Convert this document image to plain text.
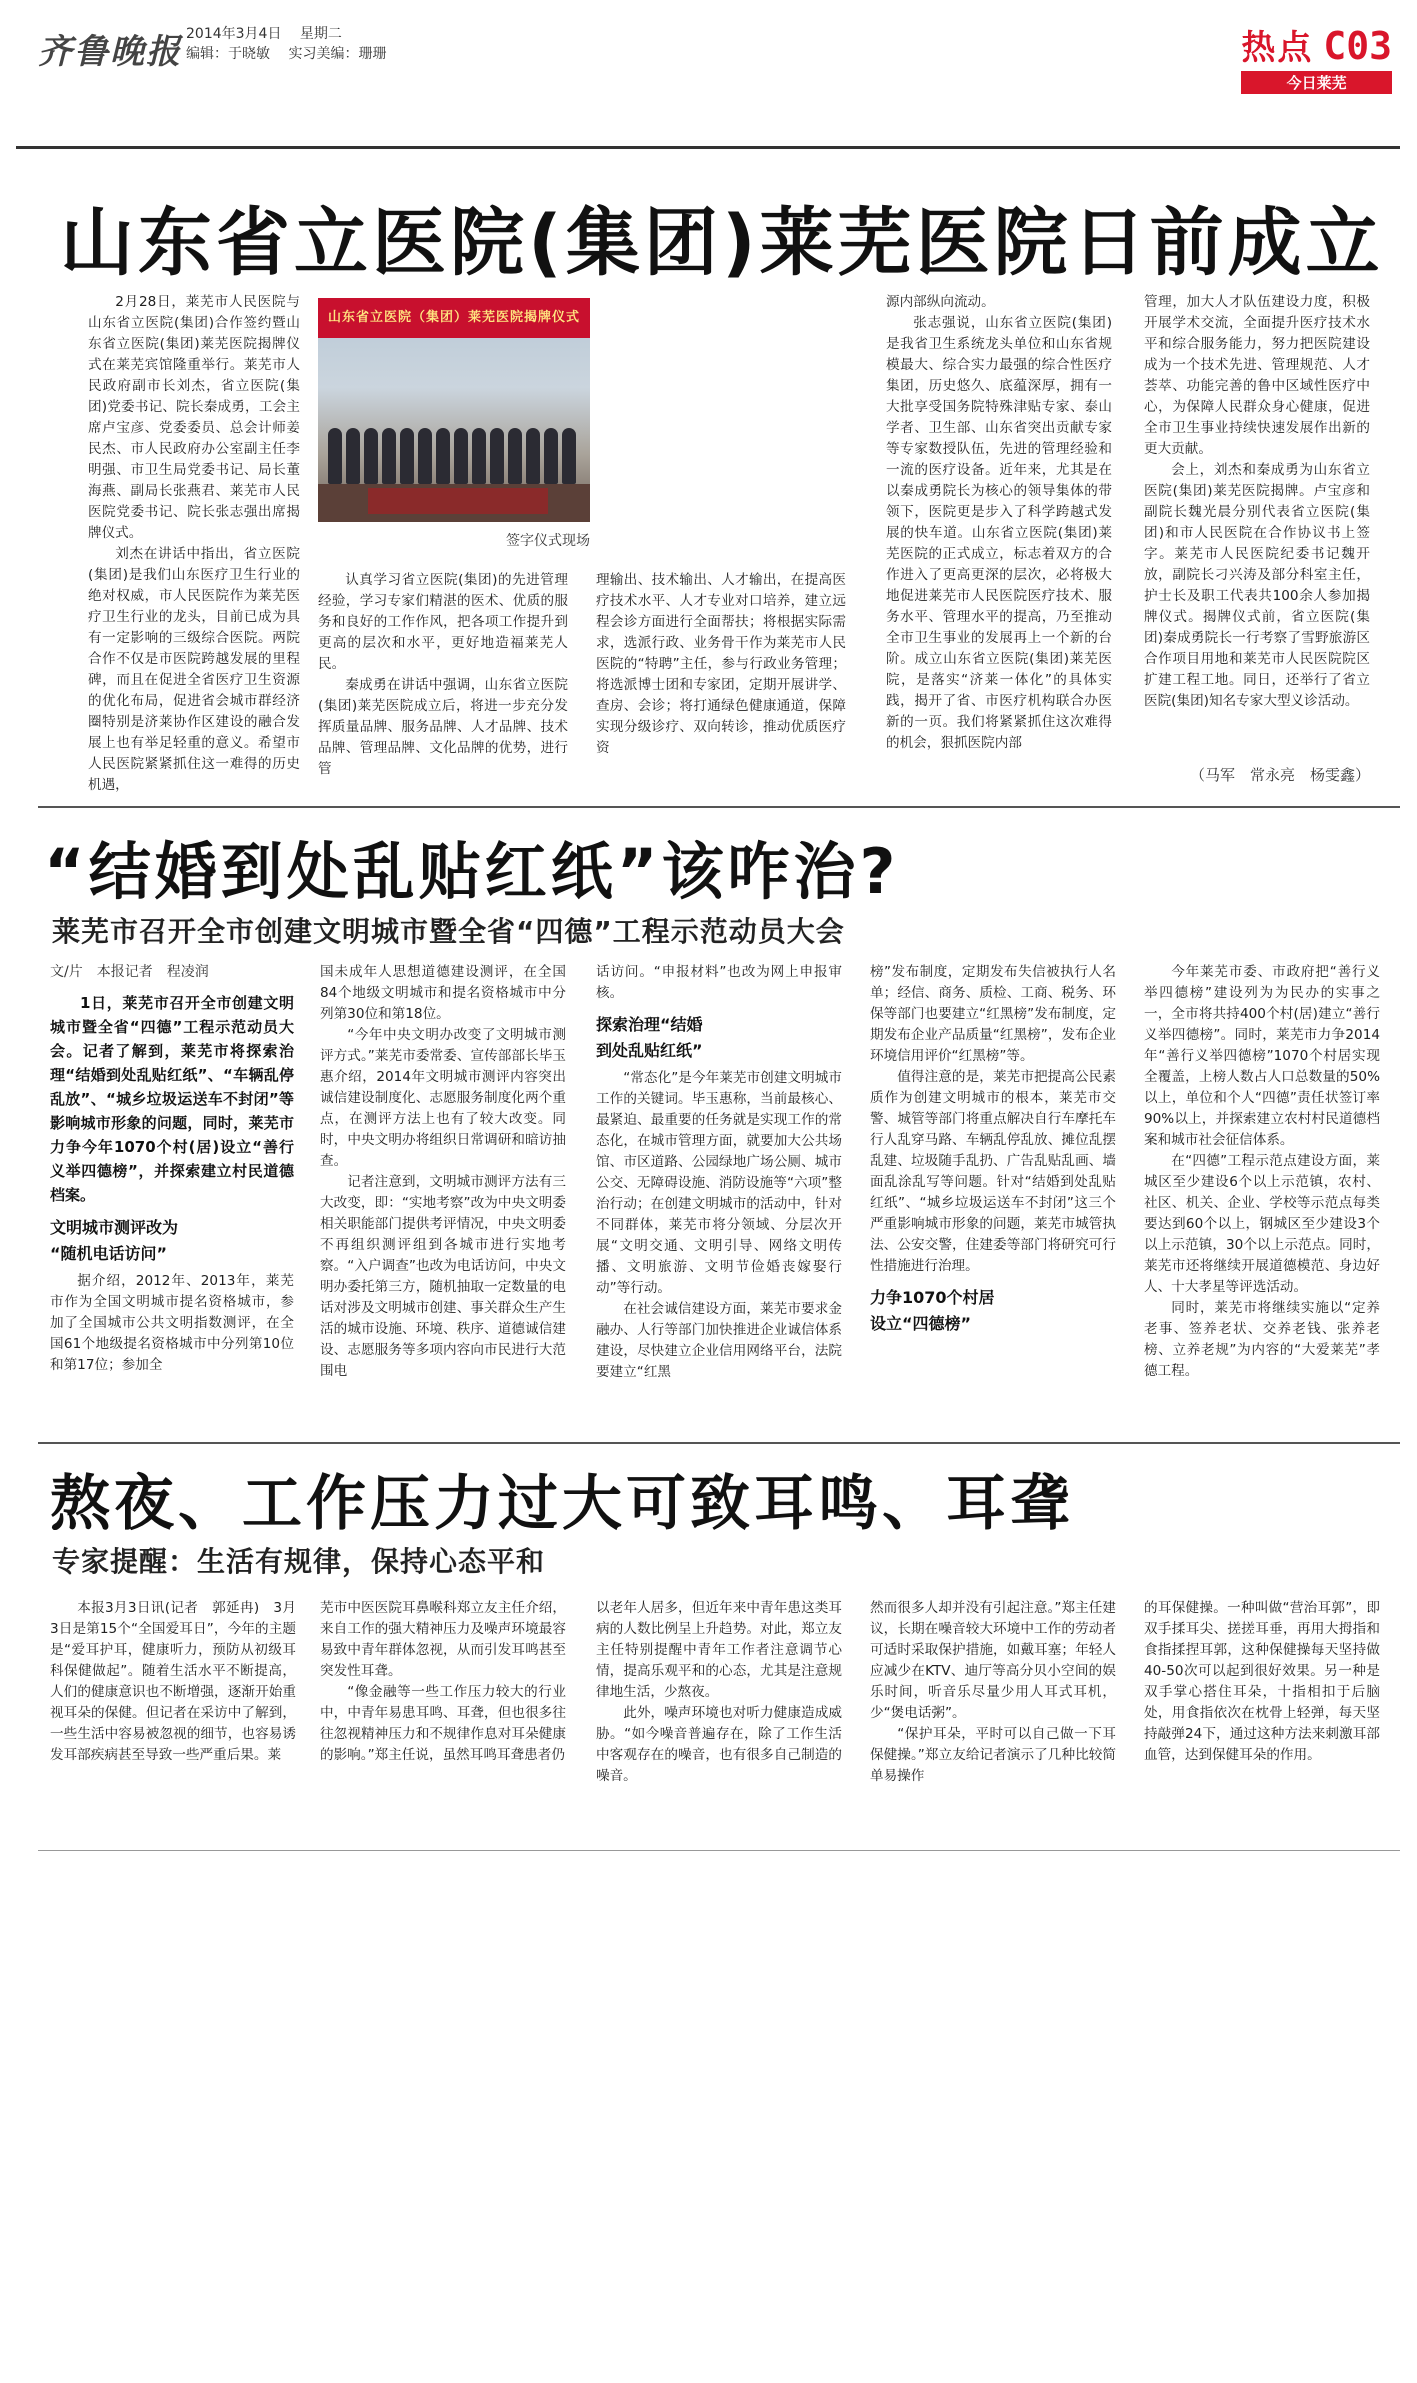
齐鲁晚报 2014年3月4日 星期二
编辑：于晓敏 实习美编：珊珊	热点 C03
今日莱芜
山东省立医院(集团)莱芜医院日前成立

2月28日，莱芜市人民医院与山东省立医院(集团)合作签约暨山东省立医院(集团)莱芜医院揭牌仪式在莱芜宾馆隆重举行。莱芜市人民政府副市长刘杰，省立医院(集团)党委书记、院长秦成勇，工会主席卢宝彦、党委委员、总会计师姜民杰、市人民政府办公室副主任李明强、市卫生局党委书记、局长董海燕、副局长张燕君、莱芜市人民医院党委书记、院长张志强出席揭牌仪式。

刘杰在讲话中指出，省立医院(集团)是我们山东医疗卫生行业的绝对权威，市人民医院作为莱芜医疗卫生行业的龙头，目前已成为具有一定影响的三级综合医院。两院合作不仅是市医院跨越发展的里程碑，而且在促进全省医疗卫生资源的优化布局，促进省会城市群经济圈特别是济莱协作区建设的融合发展上也有举足轻重的意义。希望市人民医院紧紧抓住这一难得的历史机遇，

山东省立医院（集团）莱芜医院揭牌仪式
签字仪式现场

认真学习省立医院(集团)的先进管理经验，学习专家们精湛的医术、优质的服务和良好的工作作风，把各项工作提升到更高的层次和水平，更好地造福莱芜人民。

秦成勇在讲话中强调，山东省立医院(集团)莱芜医院成立后，将进一步充分发挥质量品牌、服务品牌、人才品牌、技术品牌、管理品牌、文化品牌的优势，进行管

理输出、技术输出、人才输出，在提高医疗技术水平、人才专业对口培养，建立远程会诊方面进行全面帮扶；将根据实际需求，选派行政、业务骨干作为莱芜市人民医院的“特聘”主任，参与行政业务管理；将选派博士团和专家团，定期开展讲学、查房、会诊；将打通绿色健康通道，保障实现分级诊疗、双向转诊，推动优质医疗资

源内部纵向流动。

张志强说，山东省立医院(集团)是我省卫生系统龙头单位和山东省规模最大、综合实力最强的综合性医疗集团，历史悠久、底蕴深厚，拥有一大批享受国务院特殊津贴专家、泰山学者、卫生部、山东省突出贡献专家等专家数授队伍，先进的管理经验和一流的医疗设备。近年来，尤其是在以秦成勇院长为核心的领导集体的带领下，医院更是步入了科学跨越式发展的快车道。山东省立医院(集团)莱芜医院的正式成立，标志着双方的合作进入了更高更深的层次，必将极大地促进莱芜市人民医院医疗技术、服务水平、管理水平的提高，乃至推动全市卫生事业的发展再上一个新的台阶。成立山东省立医院(集团)莱芜医院，是落实“济莱一体化”的具体实践，揭开了省、市医疗机构联合办医新的一页。我们将紧紧抓住这次难得的机会，狠抓医院内部

管理，加大人才队伍建设力度，积极开展学术交流，全面提升医疗技术水平和综合服务能力，努力把医院建设成为一个技术先进、管理规范、人才荟萃、功能完善的鲁中区域性医疗中心，为保障人民群众身心健康，促进全市卫生事业持续快速发展作出新的更大贡献。

会上，刘杰和秦成勇为山东省立医院(集团)莱芜医院揭牌。卢宝彦和副院长魏光晨分别代表省立医院(集团)和市人民医院在合作协议书上签字。莱芜市人民医院纪委书记魏开放，副院长刁兴涛及部分科室主任，护士长及职工代表共100余人参加揭牌仪式。揭牌仪式前，省立医院(集团)秦成勇院长一行考察了雪野旅游区合作项目用地和莱芜市人民医院院区扩建工程工地。同日，还举行了省立医院(集团)知名专家大型义诊活动。

（马军　常永亮　杨雯鑫）
“结婚到处乱贴红纸”该咋治?
莱芜市召开全市创建文明城市暨全省“四德”工程示范动员大会
文/片　本报记者　程凌润

1日，莱芜市召开全市创建文明城市暨全省“四德”工程示范动员大会。记者了解到，莱芜市将探索治理“结婚到处乱贴红纸”、“车辆乱停乱放”、“城乡垃圾运送车不封闭”等影响城市形象的问题，同时，莱芜市力争今年1070个村(居)设立“善行义举四德榜”，并探索建立村民道德档案。

文明城市测评改为
“随机电话访问”

据介绍，2012年、2013年，莱芜市作为全国文明城市提名资格城市，参加了全国城市公共文明指数测评，在全国61个地级提名资格城市中分列第10位和第17位；参加全

国未成年人思想道德建设测评，在全国84个地级文明城市和提名资格城市中分列第30位和第18位。

“今年中央文明办改变了文明城市测评方式。”莱芜市委常委、宣传部部长毕玉惠介绍，2014年文明城市测评内容突出诚信建设制度化、志愿服务制度化两个重点，在测评方法上也有了较大改变。同时，中央文明办将组织日常调研和暗访抽查。

记者注意到，文明城市测评方法有三大改变，即：“实地考察”改为中央文明委相关职能部门提供考评情况，中央文明委不再组织测评组到各城市进行实地考察。“入户调查”也改为电话访问，中央文明办委托第三方，随机抽取一定数量的电话对涉及文明城市创建、事关群众生产生活的城市设施、环境、秩序、道德诚信建设、志愿服务等多项内容向市民进行大范围电

话访问。“申报材料”也改为网上申报审核。

探索治理“结婚
到处乱贴红纸”

“常态化”是今年莱芜市创建文明城市工作的关键词。毕玉惠称，当前最核心、最紧迫、最重要的任务就是实现工作的常态化，在城市管理方面，就要加大公共场馆、市区道路、公园绿地广场公厕、城市公交、无障碍设施、消防设施等“六项”整治行动；在创建文明城市的活动中，针对不同群体，莱芜市将分领域、分层次开展“文明交通、文明引导、网络文明传播、文明旅游、文明节俭婚丧嫁娶行动”等行动。

在社会诚信建设方面，莱芜市要求金融办、人行等部门加快推进企业诚信体系建设，尽快建立企业信用网络平台，法院要建立“红黑

榜”发布制度，定期发布失信被执行人名单；经信、商务、质检、工商、税务、环保等部门也要建立“红黑榜”发布制度，定期发布企业产品质量“红黑榜”，发布企业环境信用评价“红黑榜”等。

值得注意的是，莱芜市把提高公民素质作为创建文明城市的根本，莱芜市交警、城管等部门将重点解决自行车摩托车行人乱穿马路、车辆乱停乱放、摊位乱摆乱建、垃圾随手乱扔、广告乱贴乱画、墙面乱涂乱写等问题。针对“结婚到处乱贴红纸”、“城乡垃圾运送车不封闭”这三个严重影响城市形象的问题，莱芜市城管执法、公安交警，住建委等部门将研究可行性措施进行治理。

力争1070个村居
设立“四德榜”

今年莱芜市委、市政府把“善行义举四德榜”建设列为为民办的实事之一，全市将共持400个村(居)建立“善行义举四德榜”。同时，莱芜市力争2014年“善行义举四德榜”1070个村居实现全覆盖，上榜人数占人口总数量的50%以上，单位和个人“四德”责任状签订率90%以上，并探索建立农村村民道德档案和城市社会征信体系。

在“四德”工程示范点建设方面，莱城区至少建设6个以上示范镇，农村、社区、机关、企业、学校等示范点每类要达到60个以上，钢城区至少建设3个以上示范镇，30个以上示范点。同时，莱芜市还将继续开展道德模范、身边好人、十大孝星等评选活动。

同时，莱芜市将继续实施以“定养老事、签养老状、交养老钱、张养老榜、立养老规”为内容的“大爱莱芜”孝德工程。

熬夜、工作压力过大可致耳鸣、耳聋
专家提醒：生活有规律，保持心态平和

本报3月3日讯(记者　郭延冉)　3月3日是第15个“全国爱耳日”，今年的主题是“爱耳护耳，健康听力，预防从初级耳科保健做起”。随着生活水平不断提高，人们的健康意识也不断增强，逐渐开始重视耳朵的保健。但记者在采访中了解到，一些生活中容易被忽视的细节，也容易诱发耳部疾病甚至导致一些严重后果。莱

芜市中医医院耳鼻喉科郑立友主任介绍，来自工作的强大精神压力及噪声环境最容易致中青年群体忽视，从而引发耳鸣甚至突发性耳聋。

“像金融等一些工作压力较大的行业中，中青年易患耳鸣、耳聋，但也很多往往忽视精神压力和不规律作息对耳朵健康的影响。”郑主任说，虽然耳鸣耳聋患者仍

以老年人居多，但近年来中青年患这类耳病的人数比例呈上升趋势。对此，郑立友主任特别提醒中青年工作者注意调节心情，提高乐观平和的心态，尤其是注意规律地生活，少熬夜。

此外，噪声环境也对听力健康造成威胁。“如今噪音普遍存在，除了工作生活中客观存在的噪音，也有很多自己制造的噪音。

然而很多人却并没有引起注意。”郑主任建议，长期在噪音较大环境中工作的劳动者可适时采取保护措施，如戴耳塞；年轻人应减少在KTV、迪厅等高分贝小空间的娱乐时间，听音乐尽量少用人耳式耳机，少“煲电话粥”。

“保护耳朵，平时可以自己做一下耳保健操。”郑立友给记者演示了几种比较简单易操作

的耳保健操。一种叫做“营治耳郭”，即双手揉耳尖、搓搓耳垂，再用大拇指和食指揉捏耳郭，这种保健操每天坚持做40-50次可以起到很好效果。另一种是双手掌心搭住耳朵，十指相扣于后脑处，用食指依次在枕骨上轻弹，每天坚持敲弹24下，通过这种方法来刺激耳部血管，达到保健耳朵的作用。
